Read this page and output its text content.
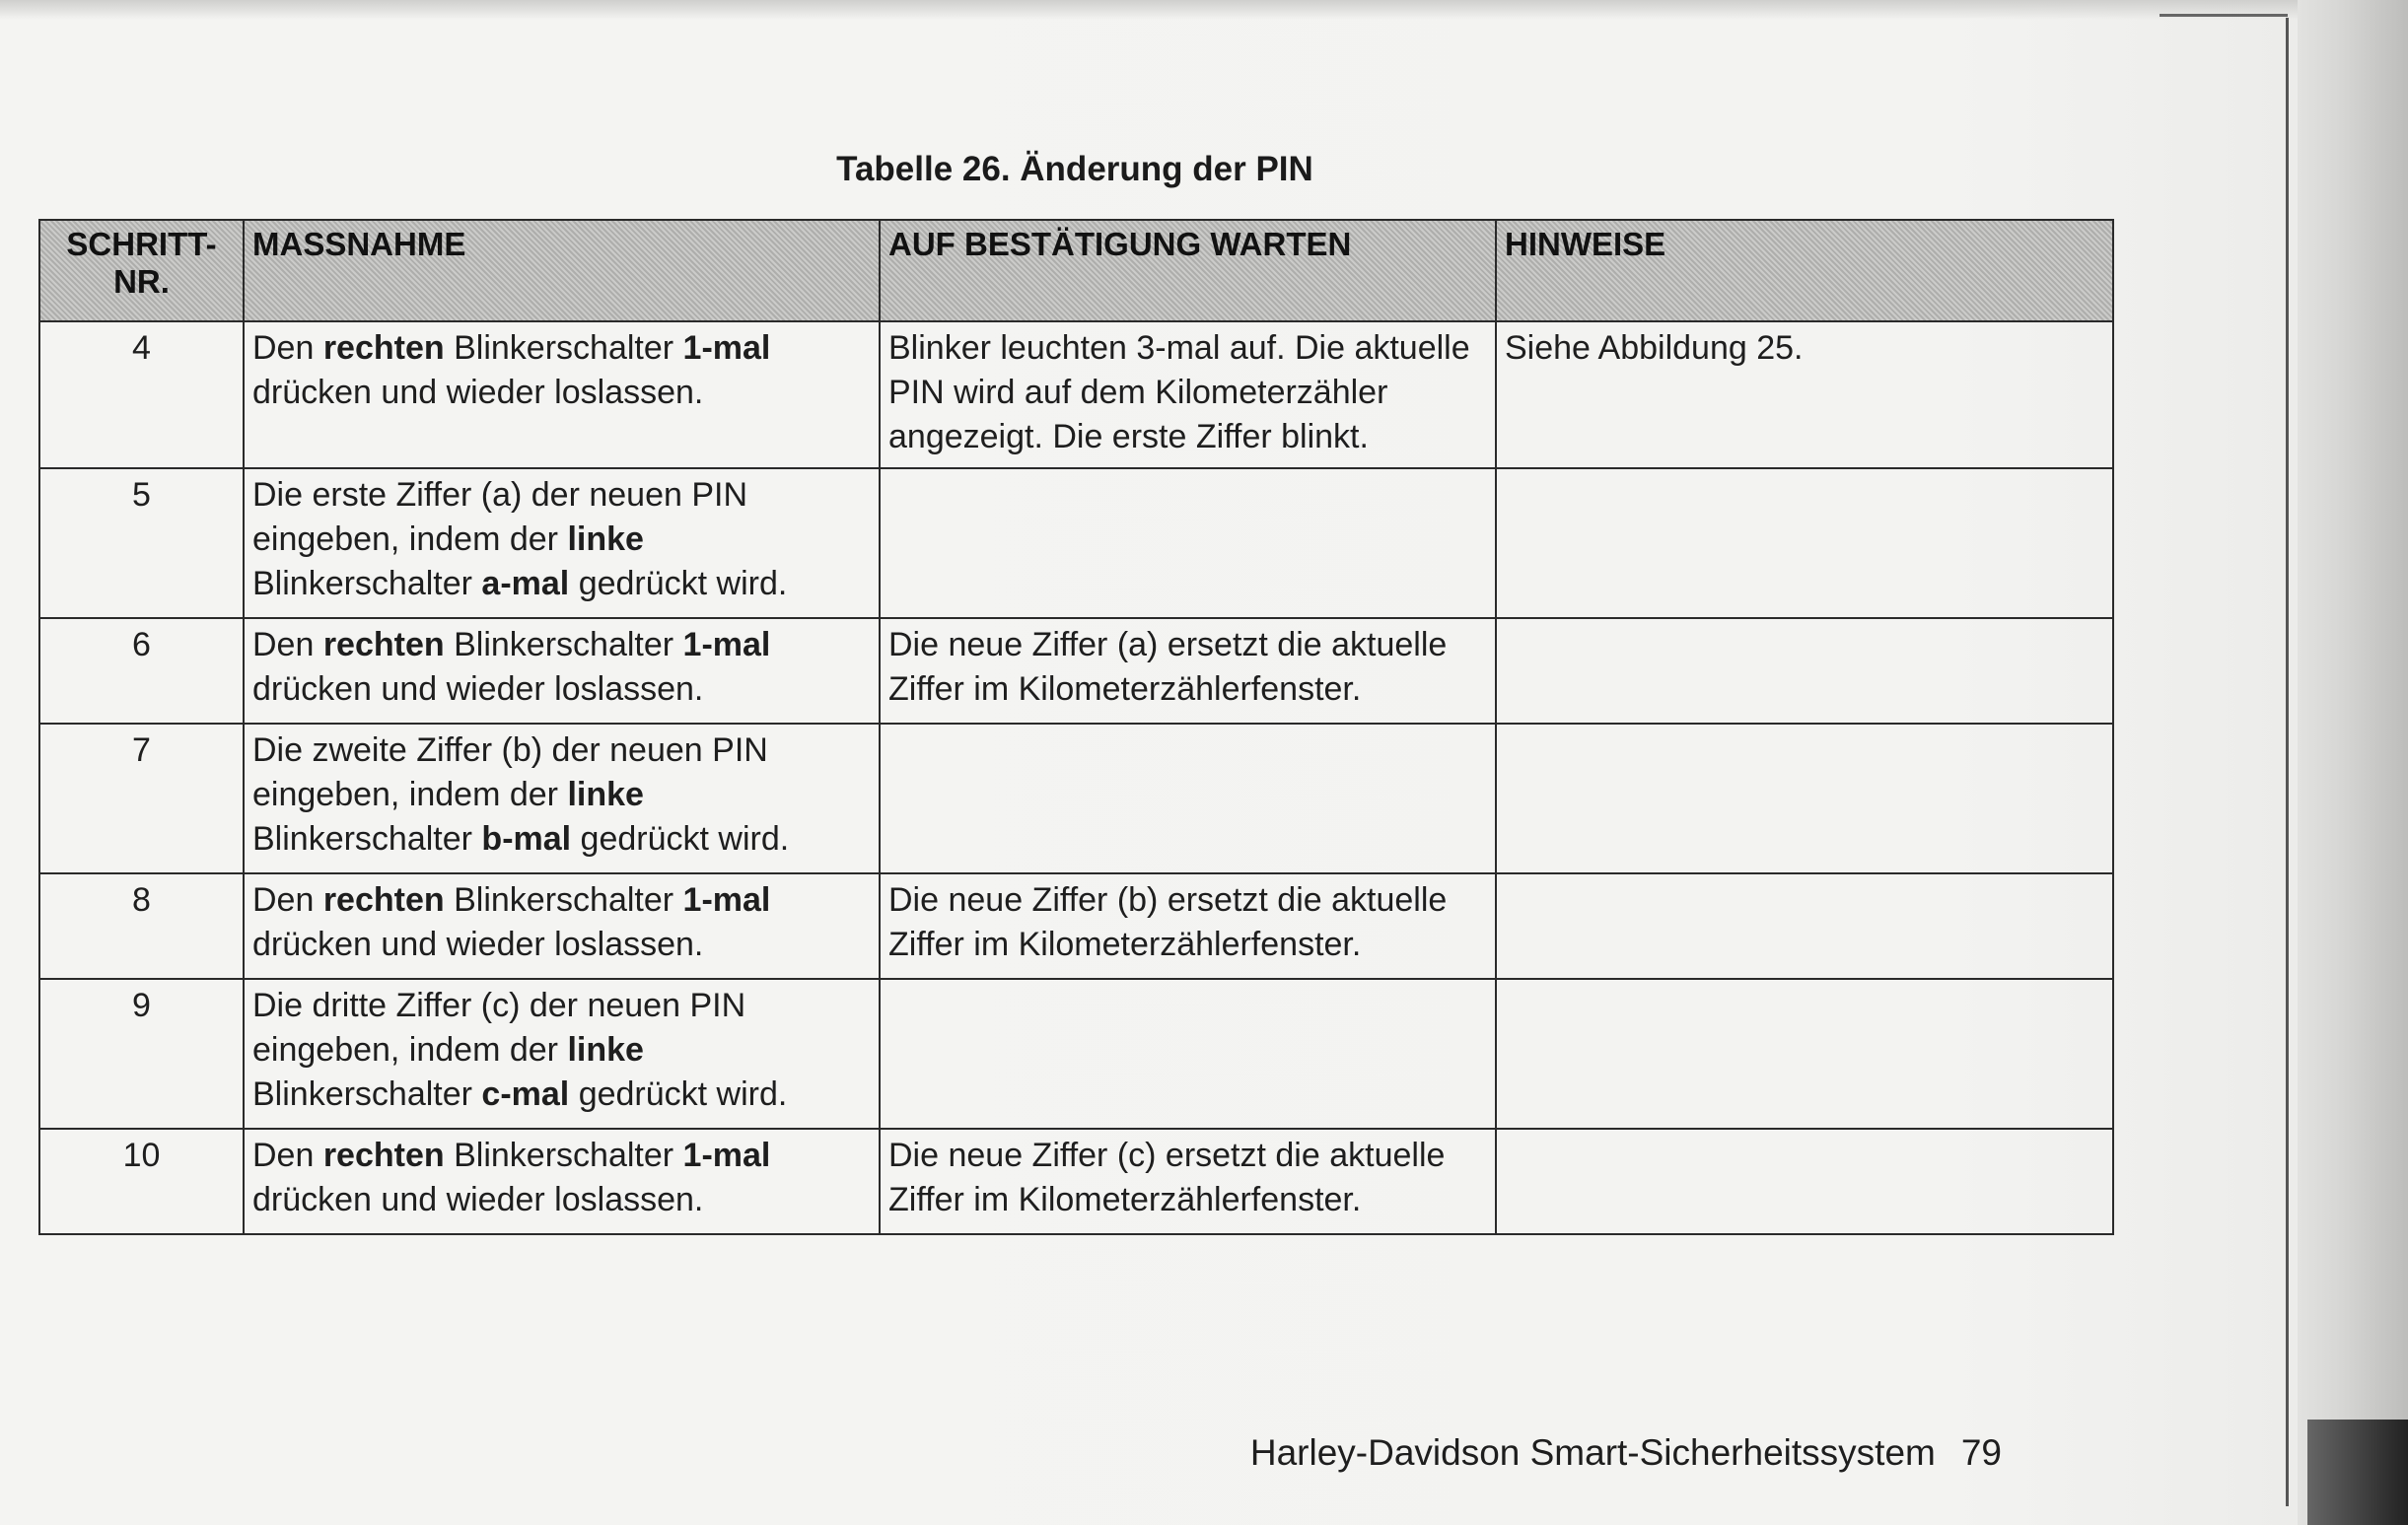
Tabelle 26. Änderung der PIN
SCHRITT-NR.	MASSNAHME	AUF BESTÄTIGUNG WARTEN	HINWEISE
4	Den rechten Blinkerschalter 1-mal drücken und wieder loslassen.	Blinker leuchten 3-mal auf. Die aktuelle PIN wird auf dem Kilometerzähler angezeigt. Die erste Ziffer blinkt.	Siehe Abbildung 25.
5	Die erste Ziffer (a) der neuen PIN eingeben, indem der linke Blinkerschalter a-mal gedrückt wird.		
6	Den rechten Blinkerschalter 1-mal drücken und wieder loslassen.	Die neue Ziffer (a) ersetzt die aktuelle Ziffer im Kilometerzählerfenster.	
7	Die zweite Ziffer (b) der neuen PIN eingeben, indem der linke Blinkerschalter b-mal gedrückt wird.		
8	Den rechten Blinkerschalter 1-mal drücken und wieder loslassen.	Die neue Ziffer (b) ersetzt die aktuelle Ziffer im Kilometerzählerfenster.	
9	Die dritte Ziffer (c) der neuen PIN eingeben, indem der linke Blinkerschalter c-mal gedrückt wird.		
10	Den rechten Blinkerschalter 1-mal drücken und wieder loslassen.	Die neue Ziffer (c) ersetzt die aktuelle Ziffer im Kilometerzählerfenster.	
Harley-Davidson Smart-Sicherheitssystem 79
